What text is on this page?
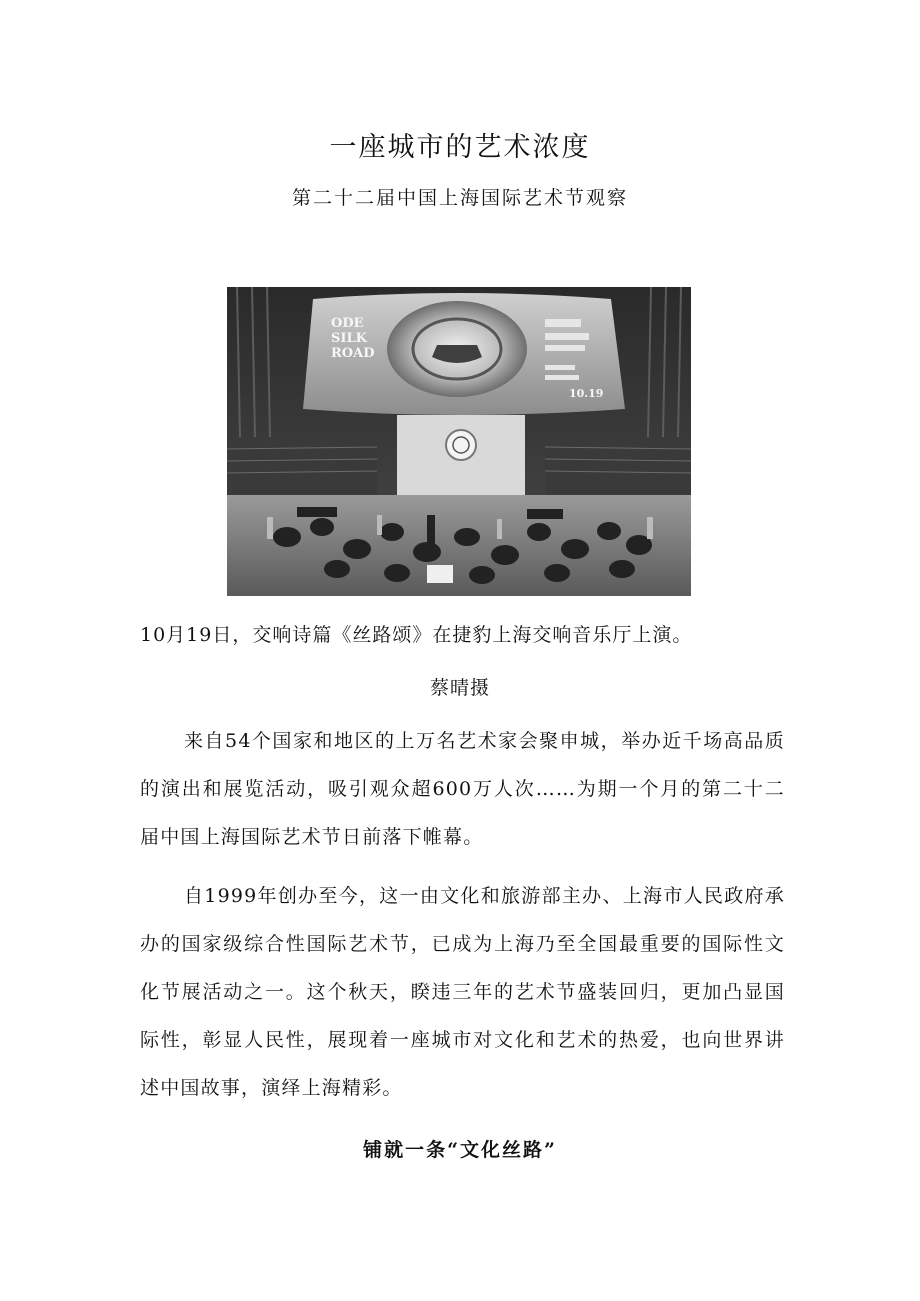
一座城市的艺术浓度
第二十二届中国上海国际艺术节观察
ODE
SILK
ROAD
10.19
10月19日，交响诗篇《丝路颂》在捷豹上海交响音乐厅上演。
蔡晴摄
来自54个国家和地区的上万名艺术家会聚申城，举办近千场高品质的演出和展览活动，吸引观众超600万人次……为期一个月的第二十二届中国上海国际艺术节日前落下帷幕。
自1999年创办至今，这一由文化和旅游部主办、上海市人民政府承办的国家级综合性国际艺术节，已成为上海乃至全国最重要的国际性文化节展活动之一。这个秋天，睽违三年的艺术节盛装回归，更加凸显国际性，彰显人民性，展现着一座城市对文化和艺术的热爱，也向世界讲述中国故事，演绎上海精彩。
铺就一条“文化丝路”
